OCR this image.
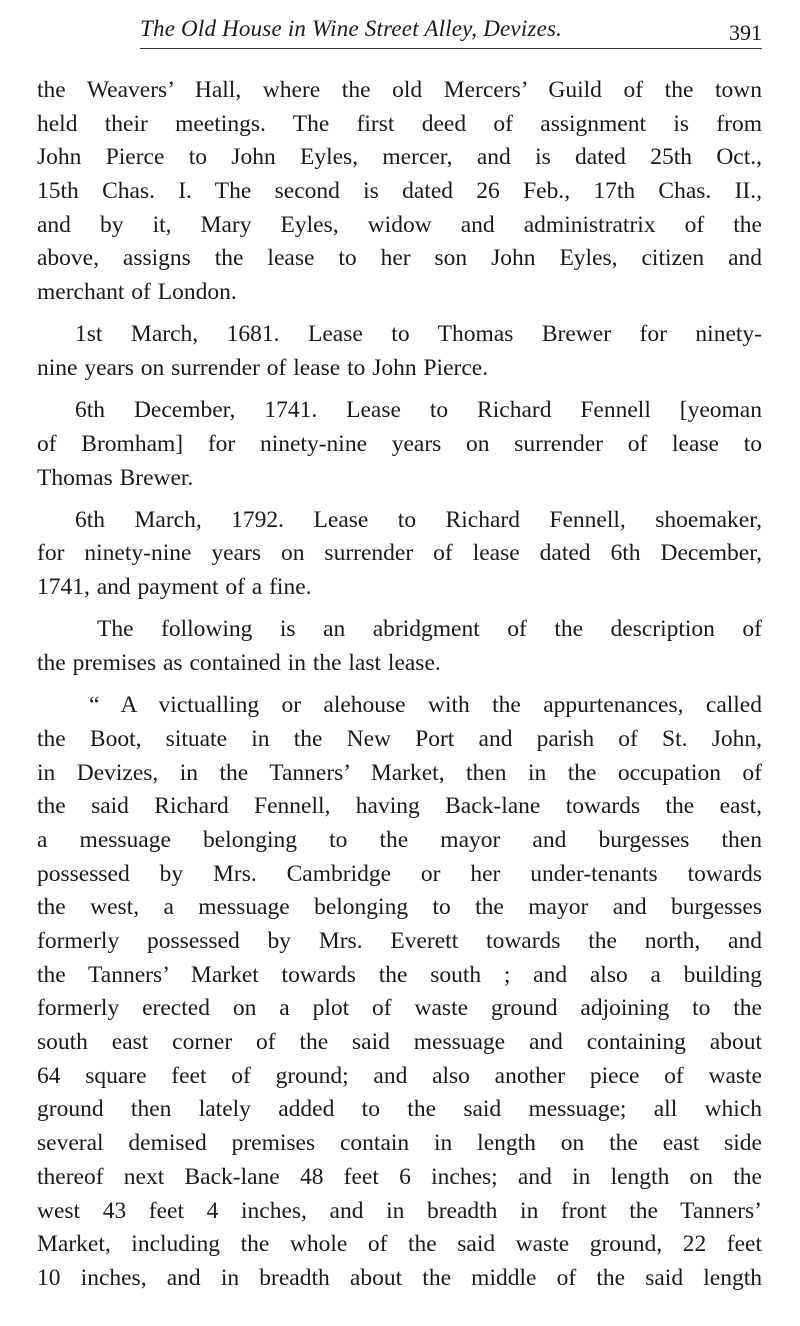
The Old House in Wine Street Alley, Devizes.	391
the Weavers’ Hall, where the old Mercers’ Guild of the town
held their meetings. The first deed of assignment is from
John Pierce to John Eyles, mercer, and is dated 25th Oct.,
15th Chas. I. The second is dated 26 Feb., 17th Chas. II.,
and by it, Mary Eyles, widow and administratrix of the
above, assigns the lease to her son John Eyles, citizen and
merchant of London.
1st March, 1681. Lease to Thomas Brewer for ninety-
nine years on surrender of lease to John Pierce.
6th December, 1741. Lease to Richard Fennell [yeoman
of Bromham] for ninety-nine years on surrender of lease to
Thomas Brewer.
6th March, 1792. Lease to Richard Fennell, shoemaker,
for ninety-nine years on surrender of lease dated 6th December,
1741, and payment of a fine.
The following is an abridgment of the description of
the premises as contained in the last lease.
“ A victualling or alehouse with the appurtenances, called
the Boot, situate in the New Port and parish of St. John,
in Devizes, in the Tanners’ Market, then in the occupation of
the said Richard Fennell, having Back-lane towards the east,
a messuage belonging to the mayor and burgesses then
possessed by Mrs. Cambridge or her under-tenants towards
the west, a messuage belonging to the mayor and burgesses
formerly possessed by Mrs. Everett towards the north, and
the Tanners’ Market towards the south ; and also a building
formerly erected on a plot of waste ground adjoining to the
south east corner of the said messuage and containing about
64 square feet of ground; and also another piece of waste
ground then lately added to the said messuage; all which
several demised premises contain in length on the east side
thereof next Back-lane 48 feet 6 inches; and in length on the
west 43 feet 4 inches, and in breadth in front the Tanners’
Market, including the whole of the said waste ground, 22 feet
10 inches, and in breadth about the middle of the said length
